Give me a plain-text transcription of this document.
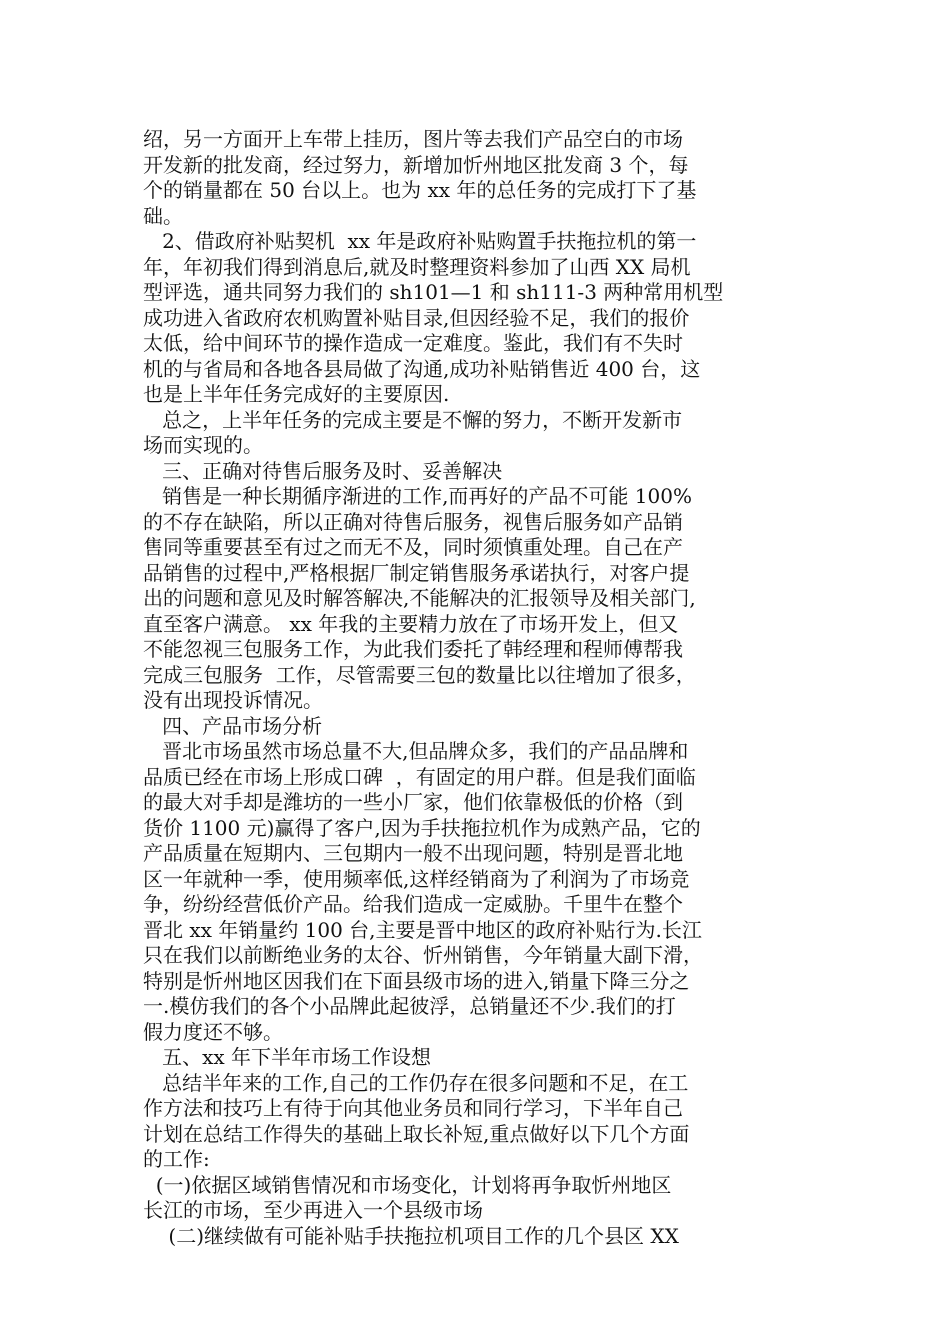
绍，另一方面开上车带上挂历，图片等去我们产品空白的市场
开发新的批发商，经过努力，新增加忻州地区批发商 3 个，每
个的销量都在 50 台以上。也为 xx 年的总任务的完成打下了基
础。
2、借政府补贴契机  xx 年是政府补贴购置手扶拖拉机的第一
年，年初我们得到消息后,就及时整理资料参加了山西 XX 局机
型评选，通共同努力我们的 sh101—1 和 sh111-3 两种常用机型
成功进入省政府农机购置补贴目录,但因经验不足，我们的报价
太低，给中间环节的操作造成一定难度。鉴此，我们有不失时
机的与省局和各地各县局做了沟通,成功补贴销售近 400 台，这
也是上半年任务完成好的主要原因.
总之，上半年任务的完成主要是不懈的努力，不断开发新市
场而实现的。
三、正确对待售后服务及时、妥善解决
销售是一种长期循序渐进的工作,而再好的产品不可能 100%
的不存在缺陷，所以正确对待售后服务，视售后服务如产品销
售同等重要甚至有过之而无不及，同时须慎重处理。自己在产
品销售的过程中,严格根据厂制定销售服务承诺执行，对客户提
出的问题和意见及时解答解决,不能解决的汇报领导及相关部门,
直至客户满意。 xx 年我的主要精力放在了市场开发上，但又
不能忽视三包服务工作，为此我们委托了韩经理和程师傅帮我
完成三包服务  工作，尽管需要三包的数量比以往增加了很多，
没有出现投诉情况。
四、产品市场分析
晋北市场虽然市场总量不大,但品牌众多，我们的产品品牌和
品质已经在市场上形成口碑  ，有固定的用户群。但是我们面临
的最大对手却是潍坊的一些小厂家，他们依靠极低的价格（到
货价 1100 元)赢得了客户,因为手扶拖拉机作为成熟产品，它的
产品质量在短期内、三包期内一般不出现问题，特别是晋北地
区一年就种一季，使用频率低,这样经销商为了利润为了市场竞
争，纷纷经营低价产品。给我们造成一定威胁。千里牛在整个
晋北 xx 年销量约 100 台,主要是晋中地区的政府补贴行为.长江
只在我们以前断绝业务的太谷、忻州销售，今年销量大副下滑，
特别是忻州地区因我们在下面县级市场的进入,销量下降三分之
一.模仿我们的各个小品牌此起彼浮，总销量还不少.我们的打
假力度还不够。
五、xx 年下半年市场工作设想
总结半年来的工作,自己的工作仍存在很多问题和不足，在工
作方法和技巧上有待于向其他业务员和同行学习，下半年自己
计划在总结工作得失的基础上取长补短,重点做好以下几个方面
的工作:
(一)依据区域销售情况和市场变化，计划将再争取忻州地区
长江的市场，至少再进入一个县级市场
(二)继续做有可能补贴手扶拖拉机项目工作的几个县区 XX
